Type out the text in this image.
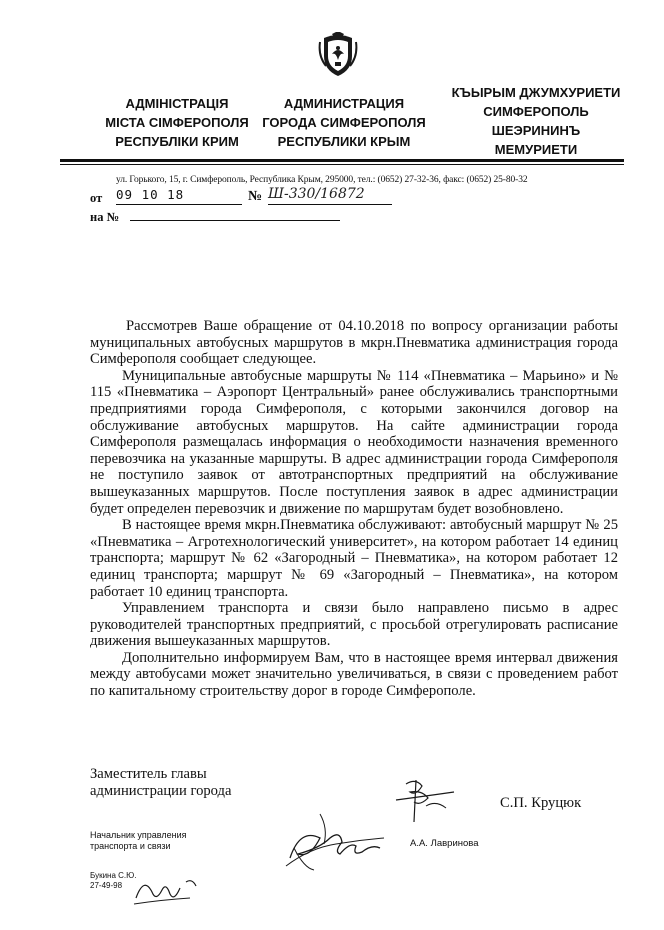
АДМІНІСТРАЦІЯ
МІСТА СІМФЕРОПОЛЯ
РЕСПУБЛІКИ КРИМ
АДМИНИСТРАЦИЯ
ГОРОДА СИМФЕРОПОЛЯ
РЕСПУБЛИКИ КРЫМ
КЪЫРЫМ ДЖУМХУРИЕТИ
СИМФЕРОПОЛЬ
ШЕЭРИНИНЪ
МЕМУРИЕТИ
ул. Горького, 15, г. Симферополь, Республика Крым, 295000, тел.: (0652) 27-32-36, факс: (0652) 25-80-32
от 09 10 18	№ Ш-330/16872
на №

Рассмотрев Ваше обращение от 04.10.2018 по вопросу организации работы муниципальных автобусных маршрутов в мкрн.Пневматика администрация города Симферополя сообщает следующее.

Муниципальные автобусные маршруты № 114 «Пневматика – Марьино» и № 115 «Пневматика – Аэропорт Центральный» ранее обслуживались транспортными предприятиями города Симферополя, с которыми закончился договор на обслуживание автобусных маршрутов. На сайте администрации города Симферополя размещалась информация о необходимости назначения временного перевозчика на указанные маршруты. В адрес администрации города Симферополя не поступило заявок от автотранспортных предприятий на обслуживание вышеуказанных маршрутов. После поступления заявок в адрес администрации будет определен перевозчик и движение по маршрутам будет возобновлено.

В настоящее время мкрн.Пневматика обслуживают: автобусный маршрут № 25 «Пневматика – Агротехнологический университет», на котором работает 14 единиц транспорта; маршрут № 62 «Загородный – Пневматика», на котором работает 12 единиц транспорта; маршрут № 69 «Загородный – Пневматика», на котором работает 10 единиц транспорта.

Управлением транспорта и связи было направлено письмо в адрес руководителей транспортных предприятий, с просьбой отрегулировать расписание движения вышеуказанных маршрутов.

Дополнительно информируем Вам, что в настоящее время интервал движения между автобусами может значительно увеличиваться, в связи с проведением работ по капитальному строительству дорог в городе Симферополе.

Заместитель главы
администрации города
С.П. Круцюк
Начальник управления
транспорта и связи	А.А. Лавринова
Букина С.Ю.
27-49-98
